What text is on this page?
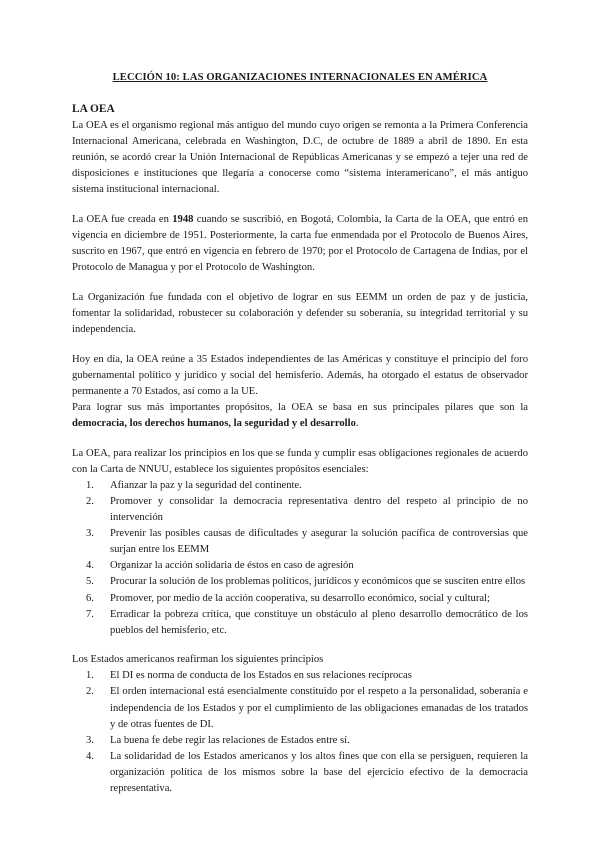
LECCIÓN 10: LAS ORGANIZACIONES INTERNACIONALES EN AMÉRICA
LA OEA

La OEA es el organismo regional más antiguo del mundo cuyo origen se remonta a la Primera Conferencia Internacional Americana, celebrada en Washington, D.C, de octubre de 1889 a abril de 1890. En esta reunión, se acordó crear la Unión Internacional de Repúblicas Americanas y se empezó a tejer una red de disposiciones e instituciones que llegaría a conocerse como “sistema interamericano”, el más antiguo sistema institucional internacional.

La OEA fue creada en 1948 cuando se suscribió, en Bogotá, Colombia, la Carta de la OEA, que entró en vigencia en diciembre de 1951. Posteriormente, la carta fue enmendada por el Protocolo de Buenos Aires, suscrito en 1967, que entró en vigencia en febrero de 1970; por el Protocolo de Cartagena de Indias, por el Protocolo de Managua y por el Protocolo de Washington.

La Organización fue fundada con el objetivo de lograr en sus EEMM un orden de paz y de justicia, fomentar la solidaridad, robustecer su colaboración y defender su soberanía, su integridad territorial y su independencia.

Hoy en día, la OEA reúne a 35 Estados independientes de las Américas y constituye el principio del foro gubernamental político y jurídico y social del hemisferio. Además, ha otorgado el estatus de observador permanente a 70 Estados, así como a la UE.

Para lograr sus más importantes propósitos, la OEA se basa en sus principales pilares que son la democracia, los derechos humanos, la seguridad y el desarrollo.

La OEA, para realizar los principios en los que se funda y cumplir esas obligaciones regionales de acuerdo con la Carta de NNUU, establece los siguientes propósitos esenciales:

1. Afianzar la paz y la seguridad del continente.
2. Promover y consolidar la democracia representativa dentro del respeto al principio de no intervención
3. Prevenir las posibles causas de dificultades y asegurar la solución pacífica de controversias que surjan entre los EEMM
4. Organizar la acción solidaria de éstos en caso de agresión
5. Procurar la solución de los problemas políticos, jurídicos y económicos que se susciten entre ellos
6. Promover, por medio de la acción cooperativa, su desarrollo económico, social y cultural;
7. Erradicar la pobreza crítica, que constituye un obstáculo al pleno desarrollo democrático de los pueblos del hemisferio, etc.

Los Estados americanos reafirman los siguientes principios

1. El DI es norma de conducta de los Estados en sus relaciones recíprocas
2. El orden internacional está esencialmente constituido por el respeto a la personalidad, soberanía e independencia de los Estados y por el cumplimiento de las obligaciones emanadas de los tratados y de otras fuentes de DI.
3. La buena fe debe regir las relaciones de Estados entre sí.
4. La solidaridad de los Estados americanos y los altos fines que con ella se persiguen, requieren la organización política de los mismos sobre la base del ejercicio efectivo de la democracia representativa.
